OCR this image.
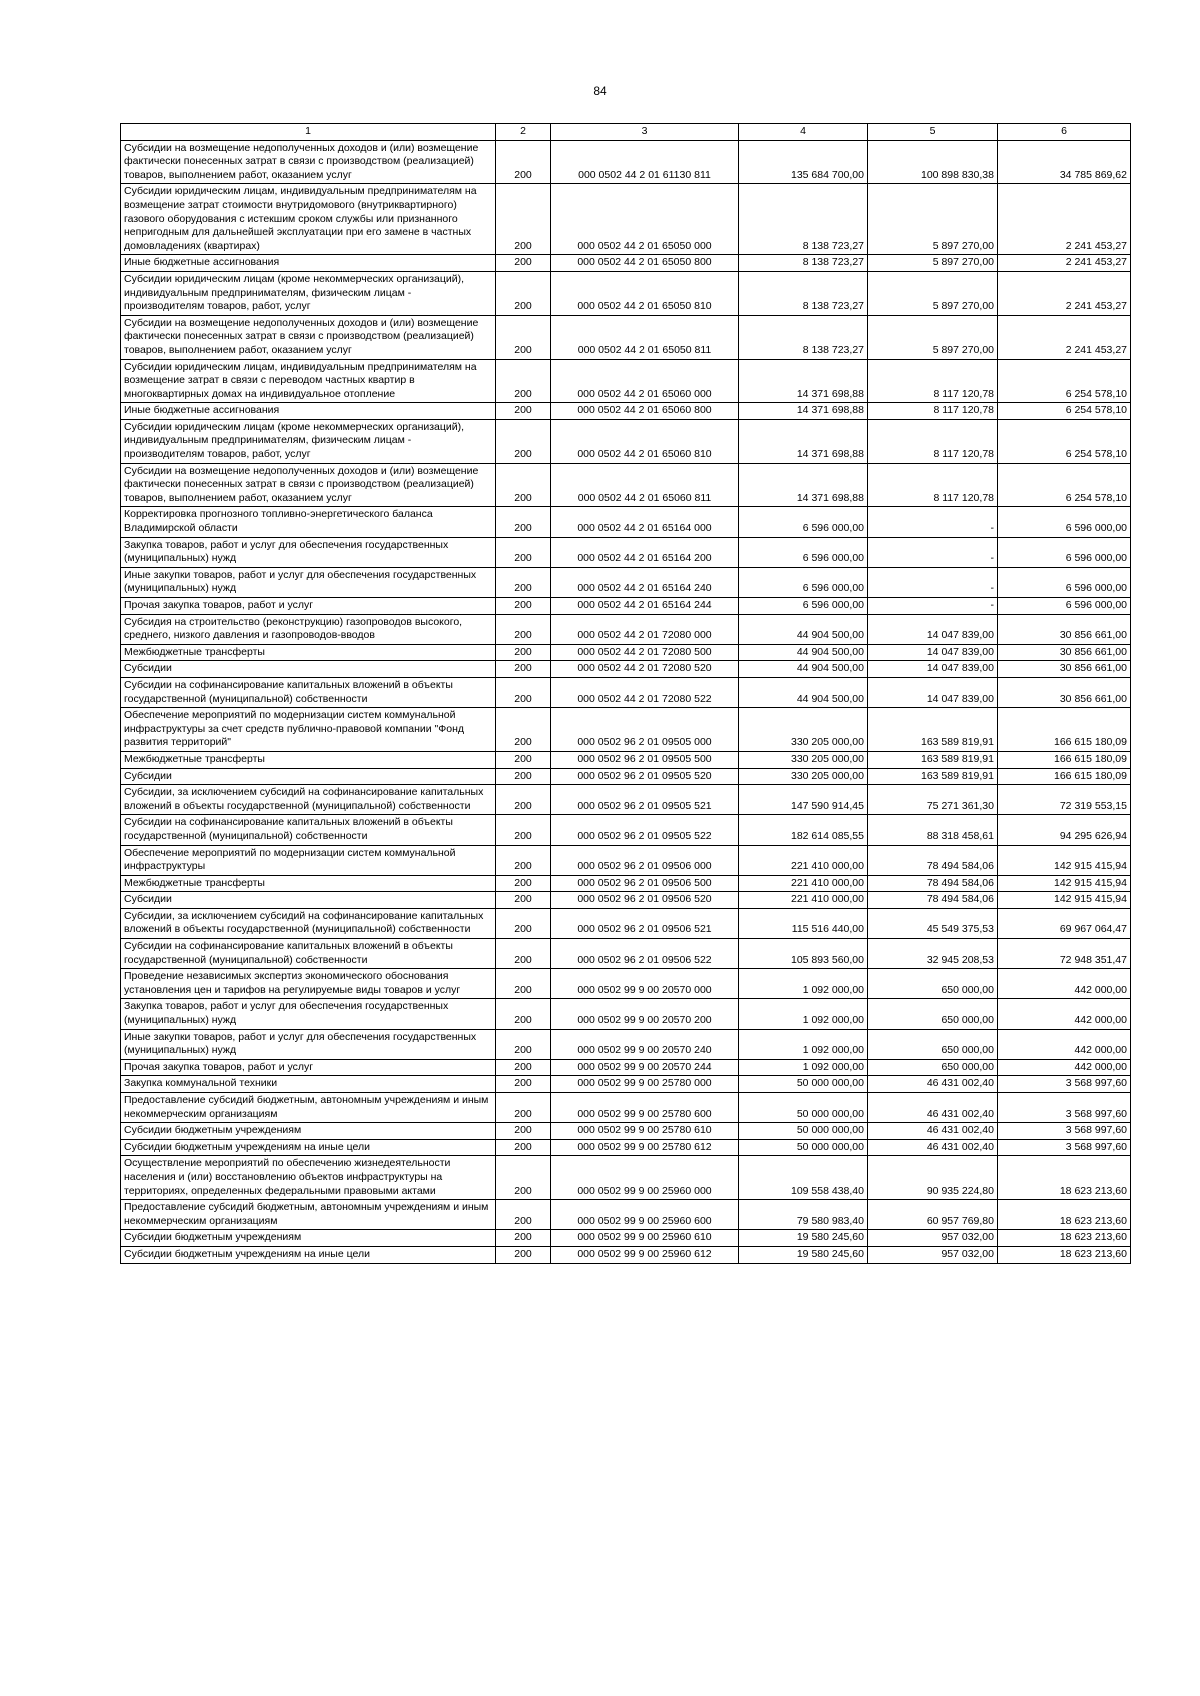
84
1	2	3	4	5	6
Субсидии на возмещение недополученных доходов и (или) возмещение фактически понесенных затрат в связи с производством (реализацией) товаров, выполнением работ, оказанием услуг	200	000 0502 44 2 01 61130 811	135 684 700,00	100 898 830,38	34 785 869,62
Субсидии юридическим лицам, индивидуальным предпринимателям на возмещение затрат стоимости внутридомового (внутриквартирного) газового оборудования с истекшим сроком службы или признанного непригодным для дальнейшей эксплуатации при его замене в частных домовладениях (квартирах)	200	000 0502 44 2 01 65050 000	8 138 723,27	5 897 270,00	2 241 453,27
Иные бюджетные ассигнования	200	000 0502 44 2 01 65050 800	8 138 723,27	5 897 270,00	2 241 453,27
Субсидии юридическим лицам (кроме некоммерческих организаций), индивидуальным предпринимателям, физическим лицам - производителям товаров, работ, услуг	200	000 0502 44 2 01 65050 810	8 138 723,27	5 897 270,00	2 241 453,27
Субсидии на возмещение недополученных доходов и (или) возмещение фактически понесенных затрат в связи с производством (реализацией) товаров, выполнением работ, оказанием услуг	200	000 0502 44 2 01 65050 811	8 138 723,27	5 897 270,00	2 241 453,27
Субсидии юридическим лицам, индивидуальным предпринимателям на возмещение затрат в связи с переводом частных квартир в многоквартирных домах на индивидуальное отопление	200	000 0502 44 2 01 65060 000	14 371 698,88	8 117 120,78	6 254 578,10
Иные бюджетные ассигнования	200	000 0502 44 2 01 65060 800	14 371 698,88	8 117 120,78	6 254 578,10
Субсидии юридическим лицам (кроме некоммерческих организаций), индивидуальным предпринимателям, физическим лицам - производителям товаров, работ, услуг	200	000 0502 44 2 01 65060 810	14 371 698,88	8 117 120,78	6 254 578,10
Субсидии на возмещение недополученных доходов и (или) возмещение фактически понесенных затрат в связи с производством (реализацией) товаров, выполнением работ, оказанием услуг	200	000 0502 44 2 01 65060 811	14 371 698,88	8 117 120,78	6 254 578,10
Корректировка прогнозного топливно-энергетического баланса Владимирской области	200	000 0502 44 2 01 65164 000	6 596 000,00	-	6 596 000,00
Закупка товаров, работ и услуг для обеспечения государственных (муниципальных) нужд	200	000 0502 44 2 01 65164 200	6 596 000,00	-	6 596 000,00
Иные закупки товаров, работ и услуг для обеспечения государственных (муниципальных) нужд	200	000 0502 44 2 01 65164 240	6 596 000,00	-	6 596 000,00
Прочая закупка товаров, работ и услуг	200	000 0502 44 2 01 65164 244	6 596 000,00	-	6 596 000,00
Субсидия на строительство (реконструкцию) газопроводов высокого, среднего, низкого давления и газопроводов-вводов	200	000 0502 44 2 01 72080 000	44 904 500,00	14 047 839,00	30 856 661,00
Межбюджетные трансферты	200	000 0502 44 2 01 72080 500	44 904 500,00	14 047 839,00	30 856 661,00
Субсидии	200	000 0502 44 2 01 72080 520	44 904 500,00	14 047 839,00	30 856 661,00
Субсидии на софинансирование капитальных вложений в объекты государственной (муниципальной) собственности	200	000 0502 44 2 01 72080 522	44 904 500,00	14 047 839,00	30 856 661,00
Обеспечение мероприятий по модернизации систем коммунальной инфраструктуры за счет средств публично-правовой компании "Фонд развития территорий"	200	000 0502 96 2 01 09505 000	330 205 000,00	163 589 819,91	166 615 180,09
Межбюджетные трансферты	200	000 0502 96 2 01 09505 500	330 205 000,00	163 589 819,91	166 615 180,09
Субсидии	200	000 0502 96 2 01 09505 520	330 205 000,00	163 589 819,91	166 615 180,09
Субсидии, за исключением субсидий на софинансирование капитальных вложений в объекты государственной (муниципальной) собственности	200	000 0502 96 2 01 09505 521	147 590 914,45	75 271 361,30	72 319 553,15
Субсидии на софинансирование капитальных вложений в объекты государственной (муниципальной) собственности	200	000 0502 96 2 01 09505 522	182 614 085,55	88 318 458,61	94 295 626,94
Обеспечение мероприятий по модернизации систем коммунальной инфраструктуры	200	000 0502 96 2 01 09506 000	221 410 000,00	78 494 584,06	142 915 415,94
Межбюджетные трансферты	200	000 0502 96 2 01 09506 500	221 410 000,00	78 494 584,06	142 915 415,94
Субсидии	200	000 0502 96 2 01 09506 520	221 410 000,00	78 494 584,06	142 915 415,94
Субсидии, за исключением субсидий на софинансирование капитальных вложений в объекты государственной (муниципальной) собственности	200	000 0502 96 2 01 09506 521	115 516 440,00	45 549 375,53	69 967 064,47
Субсидии на софинансирование капитальных вложений в объекты государственной (муниципальной) собственности	200	000 0502 96 2 01 09506 522	105 893 560,00	32 945 208,53	72 948 351,47
Проведение независимых экспертиз экономического обоснования установления цен и тарифов на регулируемые виды товаров и услуг	200	000 0502 99 9 00 20570 000	1 092 000,00	650 000,00	442 000,00
Закупка товаров, работ и услуг для обеспечения государственных (муниципальных) нужд	200	000 0502 99 9 00 20570 200	1 092 000,00	650 000,00	442 000,00
Иные закупки товаров, работ и услуг для обеспечения государственных (муниципальных) нужд	200	000 0502 99 9 00 20570 240	1 092 000,00	650 000,00	442 000,00
Прочая закупка товаров, работ и услуг	200	000 0502 99 9 00 20570 244	1 092 000,00	650 000,00	442 000,00
Закупка коммунальной техники	200	000 0502 99 9 00 25780 000	50 000 000,00	46 431 002,40	3 568 997,60
Предоставление субсидий бюджетным, автономным учреждениям и иным некоммерческим организациям	200	000 0502 99 9 00 25780 600	50 000 000,00	46 431 002,40	3 568 997,60
Субсидии бюджетным учреждениям	200	000 0502 99 9 00 25780 610	50 000 000,00	46 431 002,40	3 568 997,60
Субсидии бюджетным учреждениям на иные цели	200	000 0502 99 9 00 25780 612	50 000 000,00	46 431 002,40	3 568 997,60
Осуществление мероприятий по обеспечению жизнедеятельности населения и (или) восстановлению объектов инфраструктуры на территориях, определенных федеральными правовыми актами	200	000 0502 99 9 00 25960 000	109 558 438,40	90 935 224,80	18 623 213,60
Предоставление субсидий бюджетным, автономным учреждениям и иным некоммерческим организациям	200	000 0502 99 9 00 25960 600	79 580 983,40	60 957 769,80	18 623 213,60
Субсидии бюджетным учреждениям	200	000 0502 99 9 00 25960 610	19 580 245,60	957 032,00	18 623 213,60
Субсидии бюджетным учреждениям на иные цели	200	000 0502 99 9 00 25960 612	19 580 245,60	957 032,00	18 623 213,60
